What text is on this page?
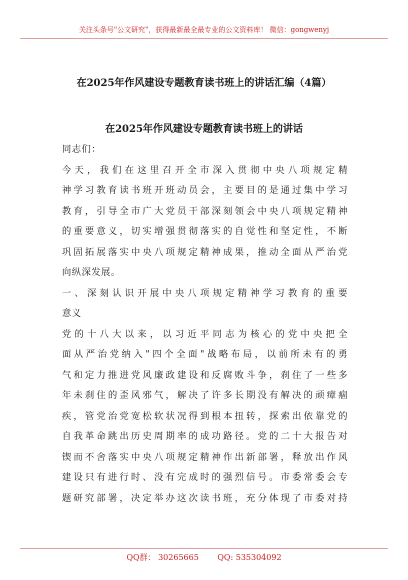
关注头条号"公文研究"，获得最新最全最专业的公文资料库！ 微信：gongwenyj
在2025年作风建设专题教育读书班上的讲话汇编（4篇）
在2025年作风建设专题教育读书班上的讲话
同志们：
今天，我们在这里召开全市深入贯彻中央八项规定精
神学习教育读书班开班动员会，主要目的是通过集中学习
教育，引导全市广大党员干部深刻领会中央八项规定精神
的重要意义，切实增强贯彻落实的自觉性和坚定性，不断
巩固拓展落实中央八项规定精神成果，推动全面从严治党
向纵深发展。
一、深刻认识开展中央八项规定精神学习教育的重要
意义
党的十八大以来，以习近平同志为核心的党中央把全
面从严治党纳入"四个全面"战略布局，以前所未有的勇
气和定力推进党风廉政建设和反腐败斗争，刹住了一些多
年未刹住的歪风邪气，解决了许多长期没有解决的顽瘴痼
疾，管党治党宽松软状况得到根本扭转，探索出依靠党的
自我革命跳出历史周期率的成功路径。党的二十大报告对
锲而不舍落实中央八项规定精神作出新部署，释放出作风
建设只有进行时、没有完成时的强烈信号。市委常委会专
题研究部署，决定举办这次读书班，充分体现了市委对持
QQ群： 30265665 QQ: 535304092
